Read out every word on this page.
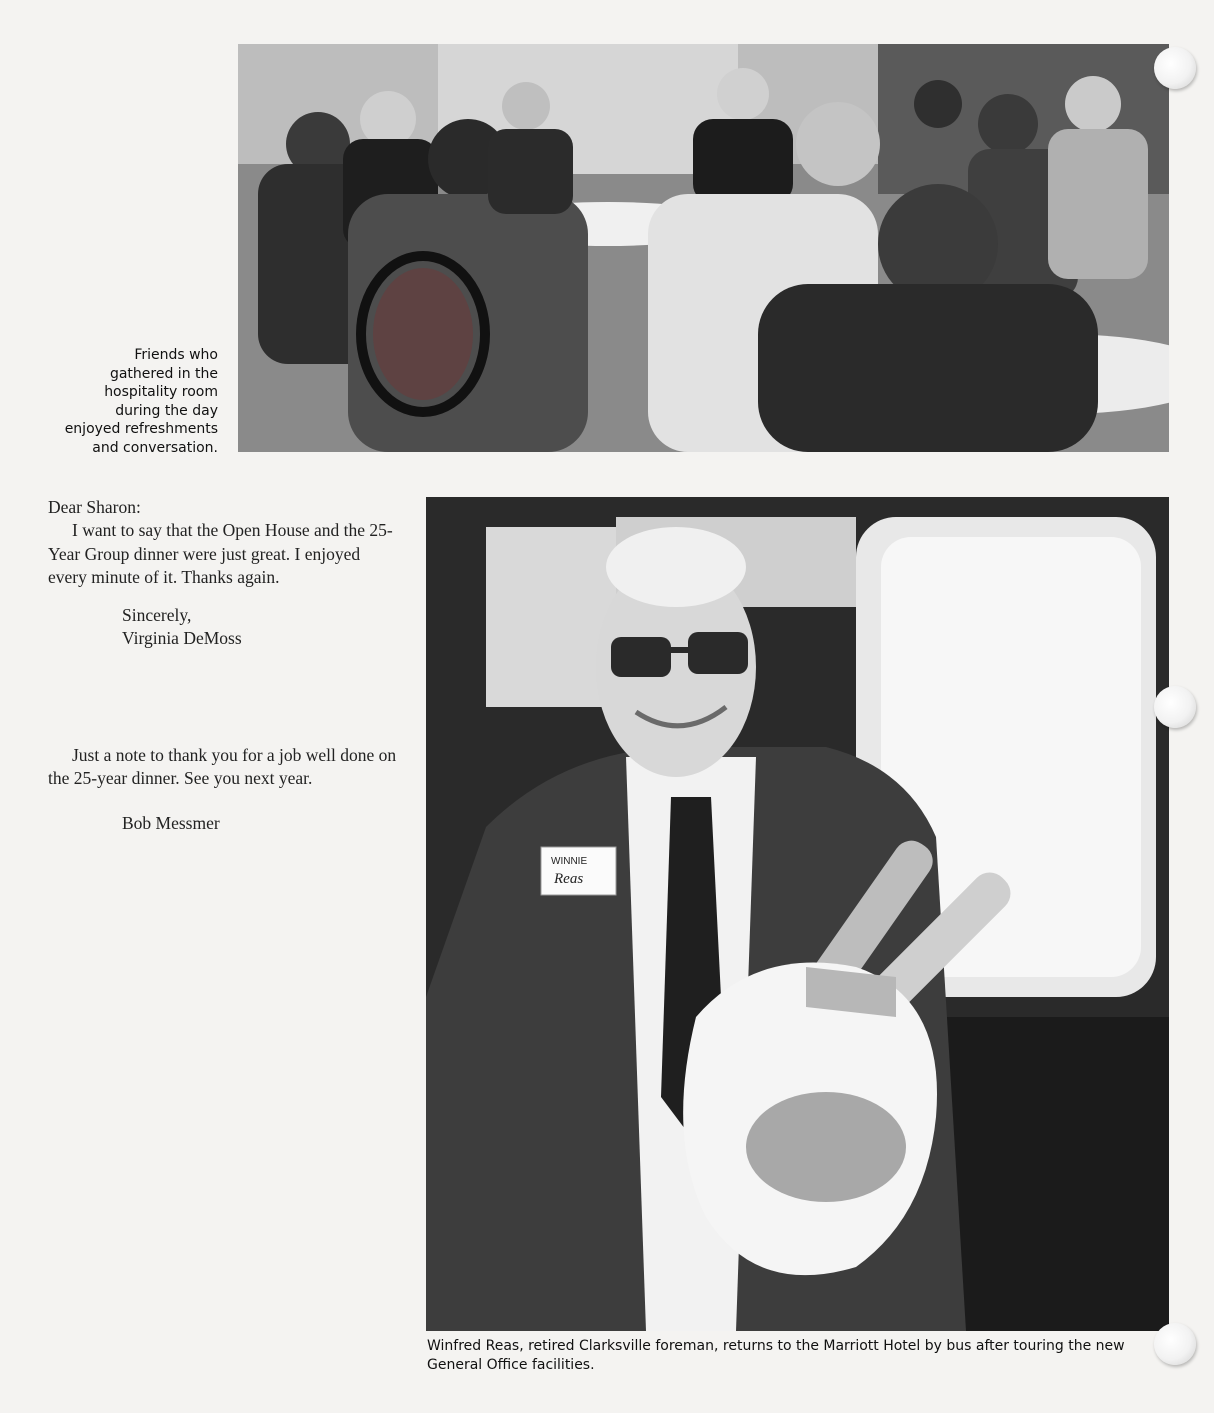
Friends who
gathered in the
hospitality room
during the day
enjoyed refreshments
and conversation.

Dear Sharon:

I want to say that the Open House and the 25-Year Group dinner were just great. I enjoyed every minute of it. Thanks again.

Sincerely,

Virginia DeMoss

Just a note to thank you for a job well done on the 25-year dinner. See you next year.

Bob Messmer

WINNIE
Reas
Winfred Reas, retired Clarksville foreman, returns to the Marriott Hotel by bus after touring the new General Office facilities.
